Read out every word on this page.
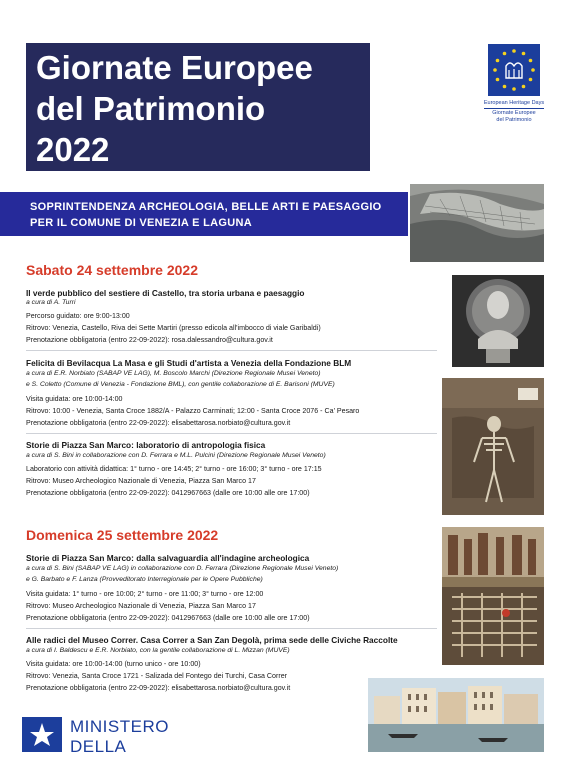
Giornate Europee
del Patrimonio
2022
European Heritage Days
Giornate Europee
del Patrimonio
SOPRINTENDENZA ARCHEOLOGIA, BELLE ARTI E PAESAGGIO
PER IL COMUNE DI VENEZIA E LAGUNA
Sabato 24 settembre 2022
Il verde pubblico del sestiere di Castello, tra storia urbana e paesaggio
a cura di A. Turri
Percorso guidato: ore 9:00-13:00
Ritrovo: Venezia, Castello, Riva dei Sette Martiri (presso edicola all'imbocco di viale Garibaldi)
Prenotazione obbligatoria (entro 22-09-2022): rosa.dalessandro@cultura.gov.it
Felicita di Bevilacqua La Masa e gli Studi d'artista a Venezia della Fondazione BLM
a cura di E.R. Norbiato (SABAP VE LAG), M. Boscolo Marchi (Direzione Regionale Musei Veneto)
e S. Coletto (Comune di Venezia - Fondazione BML), con gentile collaborazione di E. Barisoni (MUVE)
Visita guidata: ore 10:00-14:00
Ritrovo: 10:00 - Venezia, Santa Croce 1882/A - Palazzo Carminati; 12:00 - Santa Croce 2076 - Ca' Pesaro
Prenotazione obbligatoria (entro 22-09-2022): elisabettarosa.norbiato@cultura.gov.it
Storie di Piazza San Marco: laboratorio di antropologia fisica
a cura di S. Bini in collaborazione con D. Ferrara e M.L. Pulcini (Direzione Regionale Musei Veneto)
Laboratorio con attività didattica: 1° turno - ore 14:45; 2° turno - ore 16:00; 3° turno - ore 17:15
Ritrovo: Museo Archeologico Nazionale di Venezia, Piazza San Marco 17
Prenotazione obbligatoria (entro 22-09-2022): 0412967663 (dalle ore 10:00 alle ore 17:00)
Domenica 25 settembre 2022
Storie di Piazza San Marco: dalla salvaguardia all'indagine archeologica
a cura di S. Bini (SABAP VE LAG) in collaborazione con D. Ferrara (Direzione Regionale Musei Veneto)
e G. Barbato e F. Lanza (Provveditorato Interregionale per le Opere Pubbliche)
Visita guidata: 1° turno - ore 10:00; 2° turno - ore 11:00; 3° turno - ore 12:00
Ritrovo: Museo Archeologico Nazionale di Venezia, Piazza San Marco 17
Prenotazione obbligatoria (entro 22-09-2022): 0412967663 (dalle ore 10:00 alle ore 17:00)
Alle radici del Museo Correr. Casa Correr a San Zan Degolà, prima sede delle Civiche Raccolte
a cura di I. Baldescu e E.R. Norbiato, con la gentile collaborazione di L. Mizzan (MUVE)
Visita guidata: ore 10:00-14:00 (turno unico - ore 10:00)
Ritrovo: Venezia, Santa Croce 1721 - Salizada del Fontego dei Turchi, Casa Correr
Prenotazione obbligatoria (entro 22-09-2022): elisabettarosa.norbiato@cultura.gov.it
MINISTERO
DELLA
